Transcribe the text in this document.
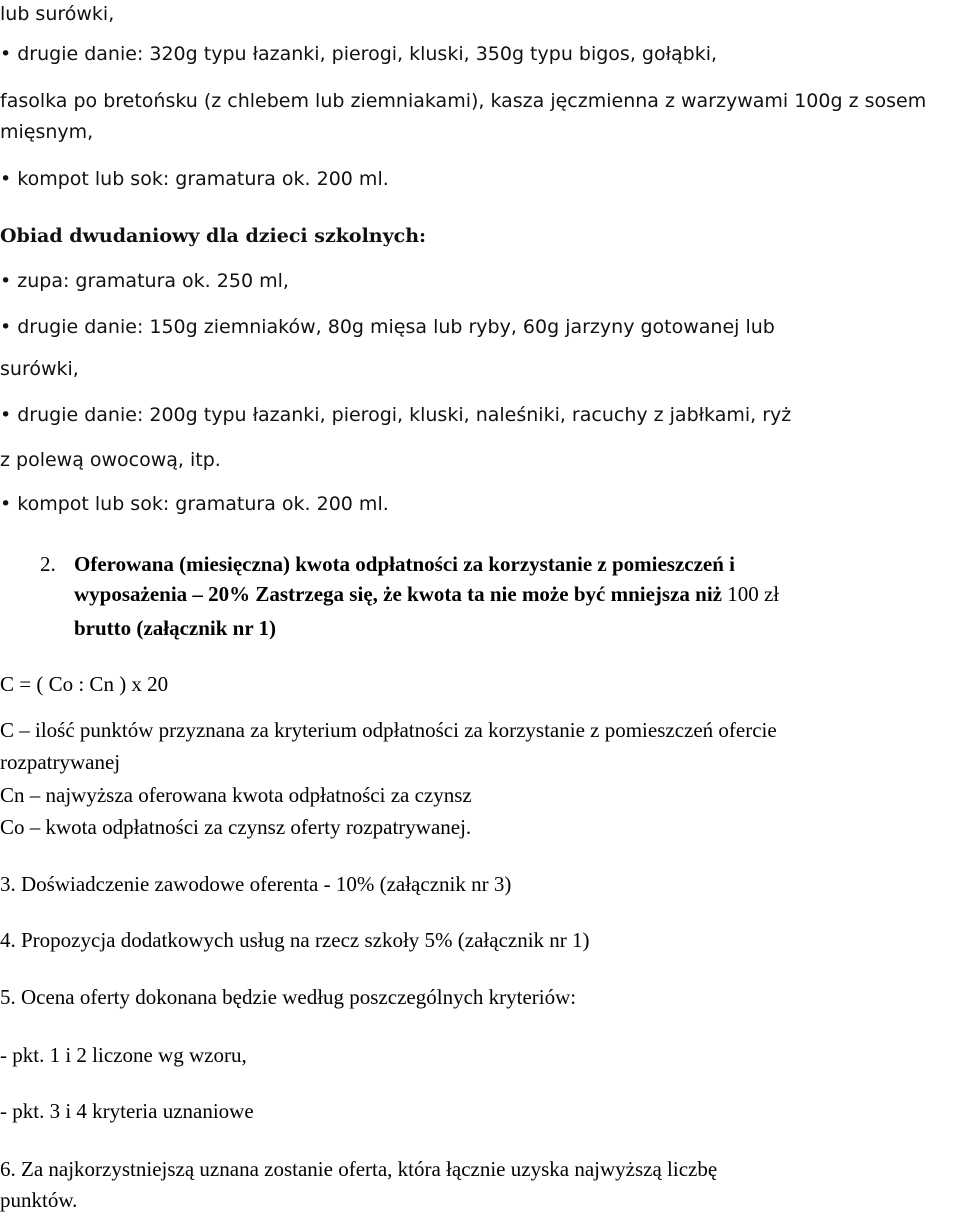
lub surówki,
• drugie danie: 320g typu łazanki, pierogi, kluski, 350g typu bigos, gołąbki,
fasolka po bretońsku (z chlebem lub ziemniakami), kasza jęczmienna z warzywami 100g z sosem
mięsnym,
• kompot lub sok: gramatura ok. 200 ml.
Obiad dwudaniowy dla dzieci szkolnych:
• zupa: gramatura ok. 250 ml,
• drugie danie: 150g ziemniaków, 80g mięsa lub ryby, 60g jarzyny gotowanej lub
surówki,
• drugie danie: 200g typu łazanki, pierogi, kluski, naleśniki, racuchy z jabłkami, ryż
z polewą owocową, itp.
• kompot lub sok: gramatura ok. 200 ml.
2. Oferowana (miesięczna) kwota odpłatności za korzystanie z pomieszczeń i
wyposażenia – 20% Zastrzega się, że kwota ta nie może być mniejsza niż 100 zł
brutto (załącznik nr 1)
C = ( Co : Cn ) x 20
C – ilość punktów przyznana za kryterium odpłatności za korzystanie z pomieszczeń ofercie
rozpatrywanej
Cn – najwyższa oferowana kwota odpłatności za czynsz
Co – kwota odpłatności za czynsz oferty rozpatrywanej.
3. Doświadczenie zawodowe oferenta - 10% (załącznik nr 3)
4. Propozycja dodatkowych usług na rzecz szkoły 5% (załącznik nr 1)
5. Ocena oferty dokonana będzie według poszczególnych kryteriów:
- pkt. 1 i 2 liczone wg wzoru,
- pkt. 3 i 4 kryteria uznaniowe
6. Za najkorzystniejszą uznana zostanie oferta, która łącznie uzyska najwyższą liczbę
punktów.
